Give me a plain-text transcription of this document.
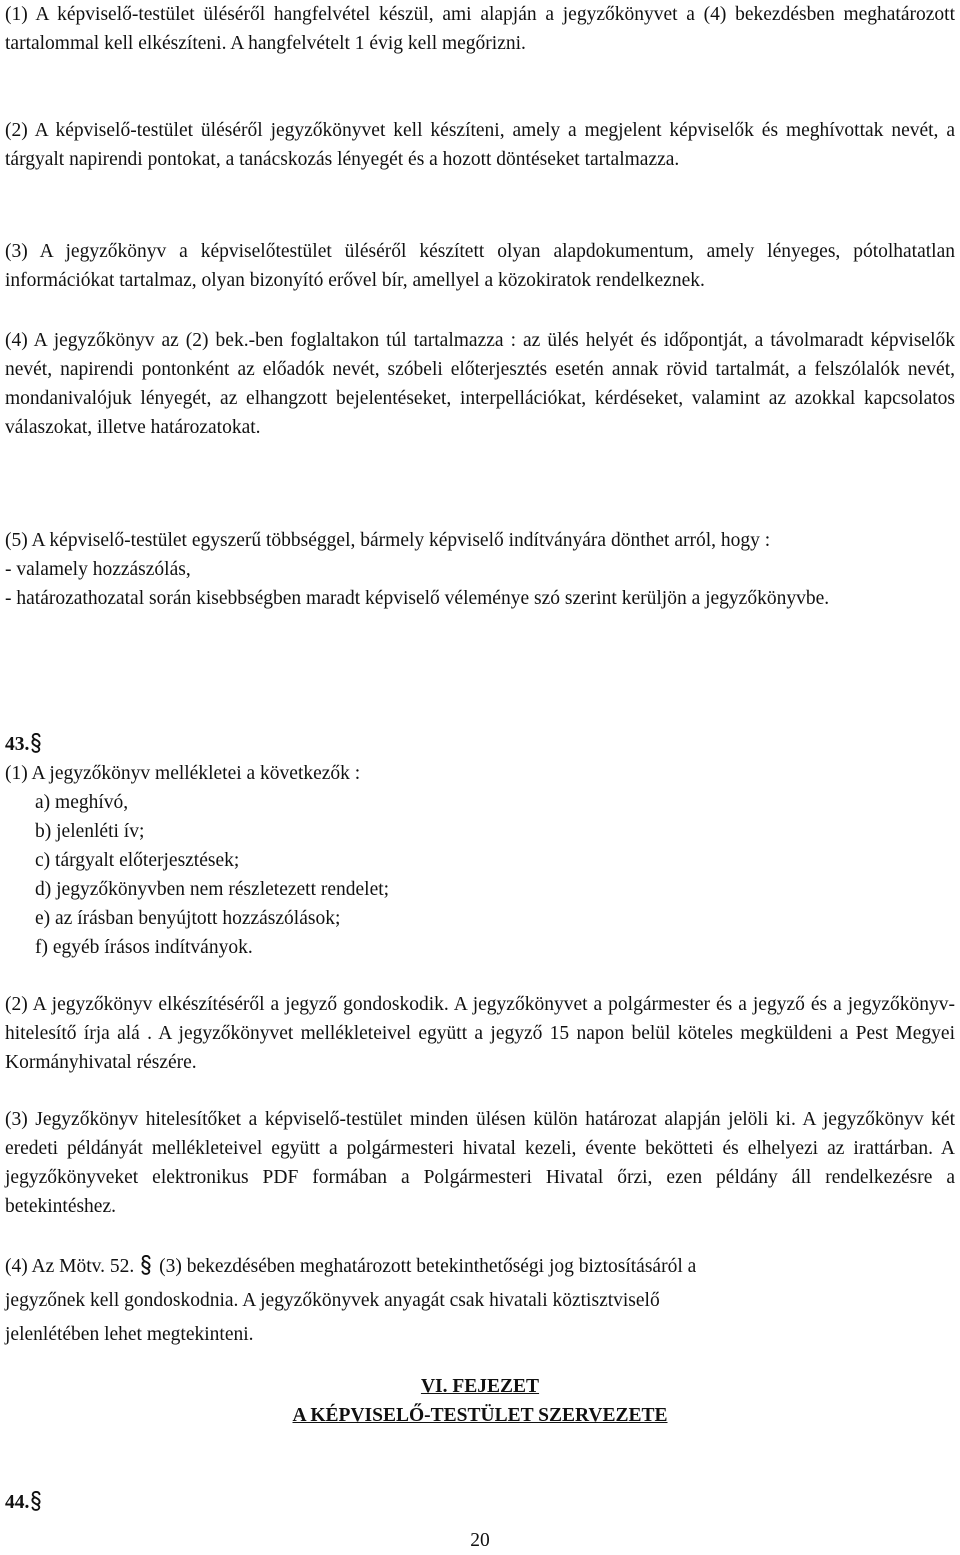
(1) A képviselő-testület üléséről hangfelvétel készül, ami alapján a jegyzőkönyvet a (4) bekezdésben meghatározott tartalommal kell elkészíteni. A hangfelvételt 1 évig kell megőrizni.

(2) A képviselő-testület üléséről jegyzőkönyvet kell készíteni, amely a megjelent képviselők és meghívottak nevét, a tárgyalt napirendi pontokat, a tanácskozás lényegét és a hozott döntéseket tartalmazza.

(3) A jegyzőkönyv a képviselőtestület üléséről készített olyan alapdokumentum, amely lényeges, pótolhatatlan információkat tartalmaz, olyan bizonyító erővel bír, amellyel a közokiratok rendelkeznek.

(4) A jegyzőkönyv az (2) bek.-ben foglaltakon túl tartalmazza : az ülés helyét és időpontját, a távolmaradt képviselők nevét, napirendi pontonként az előadók nevét, szóbeli előterjesztés esetén annak rövid tartalmát, a felszólalók nevét, mondanivalójuk lényegét, az elhangzott bejelentéseket, interpellációkat, kérdéseket, valamint az azokkal kapcsolatos válaszokat, illetve határozatokat.

(5) A képviselő-testület egyszerű többséggel, bármely képviselő indítványára dönthet arról, hogy :

- valamely hozzászólás,

- határozathozatal során kisebbségben maradt képviselő véleménye szó szerint kerüljön a jegyzőkönyvbe.

43.
(1) A jegyzőkönyv mellékletei a következők :
a) meghívó,
b) jelenléti ív;
c) tárgyalt előterjesztések;
d) jegyzőkönyvben nem részletezett rendelet;
e) az írásban benyújtott hozzászólások;
f) egyéb írásos indítványok.

(2) A jegyzőkönyv elkészítéséről a jegyző gondoskodik. A jegyzőkönyvet a polgármester és a jegyző és a jegyzőkönyv-hitelesítő írja alá . A jegyzőkönyvet mellékleteivel együtt a jegyző 15 napon belül köteles megküldeni a Pest Megyei Kormányhivatal részére.

(3) Jegyzőkönyv hitelesítőket a képviselő-testület minden ülésen külön határozat alapján jelöli ki. A jegyzőkönyv két eredeti példányát mellékleteivel együtt a polgármesteri hivatal kezeli, évente bekötteti és elhelyezi az irattárban. A jegyzőkönyveket elektronikus PDF formában a Polgármesteri Hivatal őrzi, ezen példány áll rendelkezésre a betekintéshez.

(4) Az Mötv. 52. (3) bekezdésében meghatározott betekinthetőségi jog biztosításáról a
jegyzőnek kell gondoskodnia. A jegyzőkönyvek anyagát csak hivatali köztisztviselő
jelenlétében lehet megtekinteni.
VI. FEJEZET
A KÉPVISELŐ-TESTÜLET SZERVEZETE
44.
20
